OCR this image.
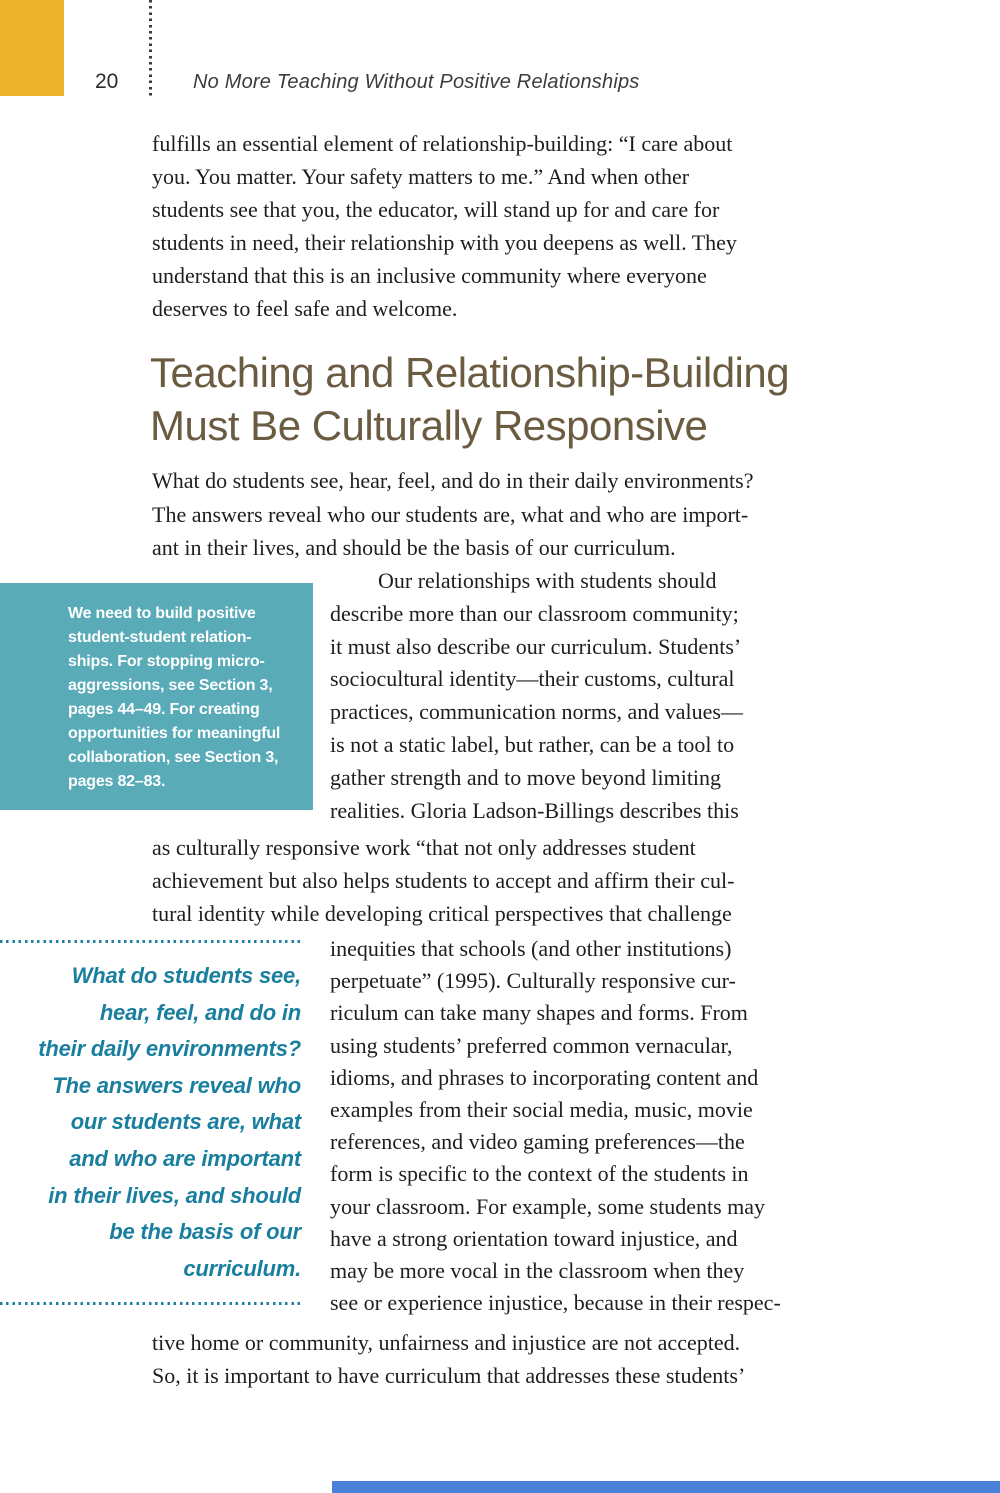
20	No More Teaching Without Positive Relationships
fulfills an essential element of relationship-building: “I care about
you. You matter. Your safety matters to me.” And when other
students see that you, the educator, will stand up for and care for
students in need, their relationship with you deepens as well. They
understand that this is an inclusive community where everyone
deserves to feel safe and welcome.
Teaching and Relationship-Building
Must Be Culturally Responsive
What do students see, hear, feel, and do in their daily environments?
The answers reveal who our students are, what and who are import-
ant in their lives, and should be the basis of our curriculum.
We need to build positive
student-student relation-
ships. For stopping micro-
aggressions, see Section 3,
pages 44–49. For creating
opportunities for meaningful
collaboration, see Section 3,
pages 82–83.
Our relationships with students should
describe more than our classroom community;
it must also describe our curriculum. Students’
sociocultural identity—their customs, cultural
practices, communication norms, and values—
is not a static label, but rather, can be a tool to
gather strength and to move beyond limiting
realities. Gloria Ladson-Billings describes this
as culturally responsive work “that not only addresses student
achievement but also helps students to accept and affirm their cul-
tural identity while developing critical perspectives that challenge
What do students see,
hear, feel, and do in
their daily environments?
The answers reveal who
our students are, what
and who are important
in their lives, and should
be the basis of our
curriculum.
inequities that schools (and other institutions)
perpetuate” (1995). Culturally responsive cur-
riculum can take many shapes and forms. From
using students’ preferred common vernacular,
idioms, and phrases to incorporating content and
examples from their social media, music, movie
references, and video gaming preferences—the
form is specific to the context of the students in
your classroom. For example, some students may
have a strong orientation toward injustice, and
may be more vocal in the classroom when they
see or experience injustice, because in their respec-
tive home or community, unfairness and injustice are not accepted.
So, it is important to have curriculum that addresses these students’
